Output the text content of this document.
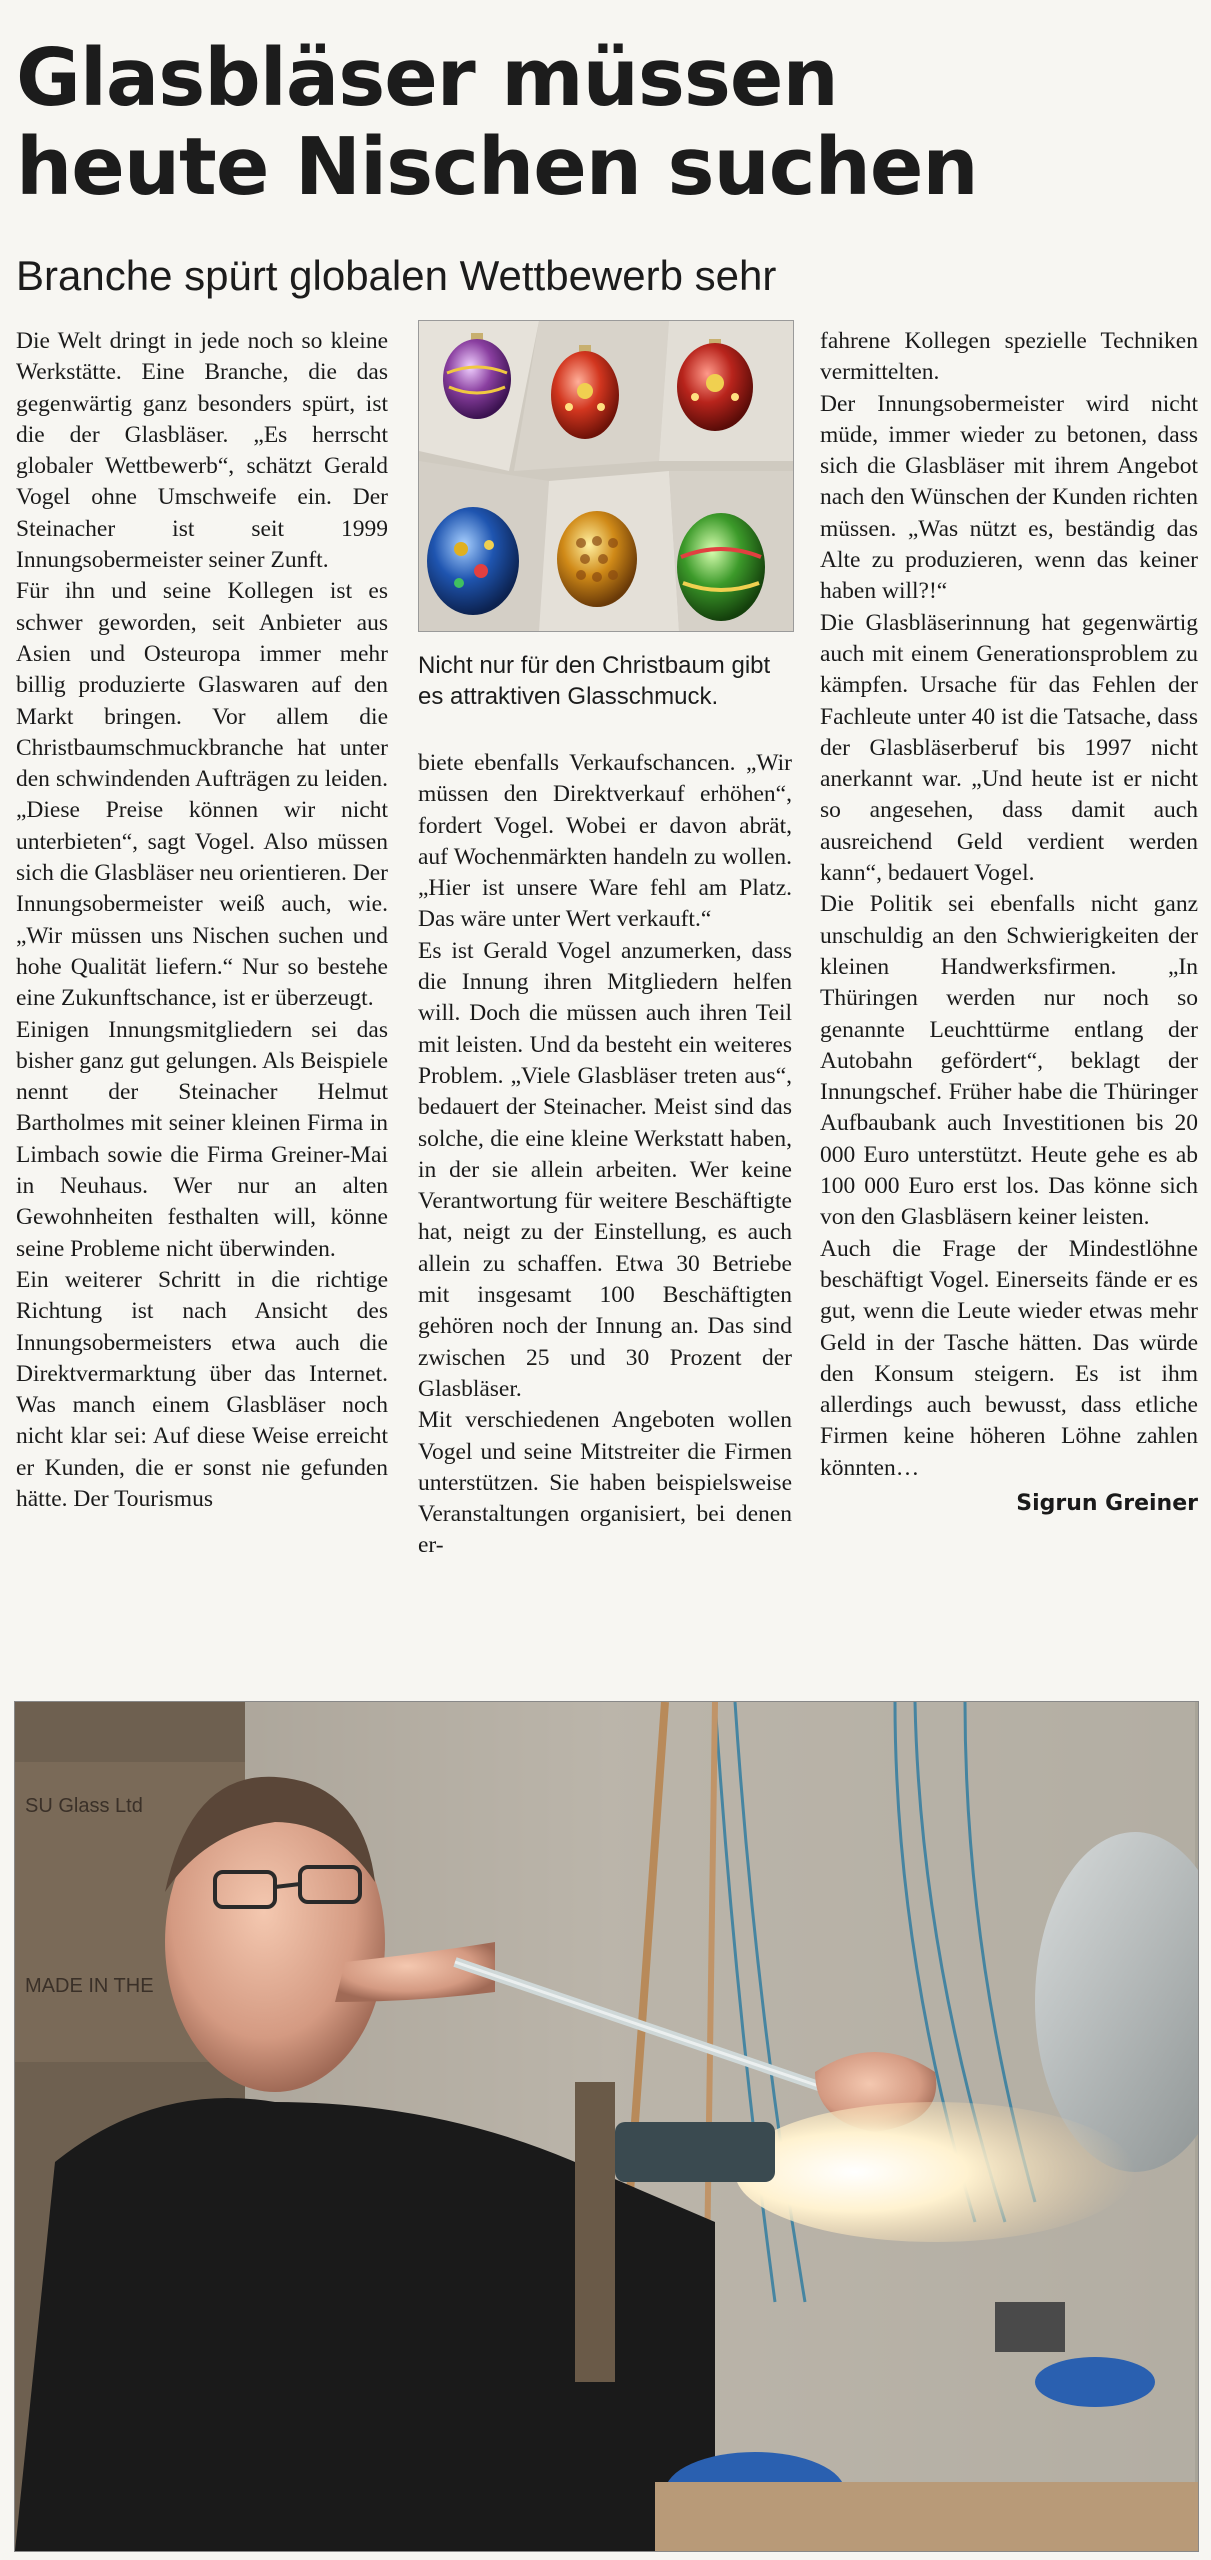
Glasbläser müssen
heute Nischen suchen
Branche spürt globalen Wettbewerb sehr

Die Welt dringt in jede noch so kleine Werkstätte. Eine Branche, die das gegenwärtig ganz besonders spürt, ist die der Glasbläser. „Es herrscht globaler Wettbewerb“, schätzt Gerald Vogel ohne Umschweife ein. Der Steinacher ist seit 1999 Innungsobermeister seiner Zunft.

Für ihn und seine Kollegen ist es schwer geworden, seit Anbieter aus Asien und Osteuropa immer mehr billig produzierte Glaswaren auf den Markt bringen. Vor allem die Christbaumschmuckbranche hat unter den schwindenden Aufträgen zu leiden. „Diese Preise können wir nicht unterbieten“, sagt Vogel. Also müssen sich die Glasbläser neu orientieren. Der Innungsobermeister weiß auch, wie. „Wir müssen uns Nischen suchen und hohe Qualität liefern.“ Nur so bestehe eine Zukunftschance, ist er überzeugt.

Einigen Innungsmitgliedern sei das bisher ganz gut gelungen. Als Beispiele nennt der Steinacher Helmut Bartholmes mit seiner kleinen Firma in Limbach sowie die Firma Greiner-Mai in Neuhaus. Wer nur an alten Gewohnheiten festhalten will, könne seine Probleme nicht überwinden.

Ein weiterer Schritt in die richtige Richtung ist nach Ansicht des Innungsobermeisters etwa auch die Direktvermarktung über das Internet. Was manch einem Glasbläser noch nicht klar sei: Auf diese Weise erreicht er Kunden, die er sonst nie gefunden hätte. Der Tourismus

Nicht nur für den Christbaum gibt es attraktiven Glasschmuck.

biete ebenfalls Verkaufschancen. „Wir müssen den Direktverkauf erhöhen“, fordert Vogel. Wobei er davon abrät, auf Wochenmärkten handeln zu wollen. „Hier ist unsere Ware fehl am Platz. Das wäre unter Wert verkauft.“

Es ist Gerald Vogel anzumerken, dass die Innung ihren Mitgliedern helfen will. Doch die müssen auch ihren Teil mit leisten. Und da besteht ein weiteres Problem. „Viele Glasbläser treten aus“, bedauert der Steinacher. Meist sind das solche, die eine kleine Werkstatt haben, in der sie allein arbeiten. Wer keine Verantwortung für weitere Beschäftigte hat, neigt zu der Einstellung, es auch allein zu schaffen. Etwa 30 Betriebe mit insgesamt 100 Beschäftigten gehören noch der Innung an. Das sind zwischen 25 und 30 Prozent der Glasbläser.

Mit verschiedenen Angeboten wollen Vogel und seine Mitstreiter die Firmen unterstützen. Sie haben beispielsweise Veranstaltungen organisiert, bei denen er-

fahrene Kollegen spezielle Techniken vermittelten.

Der Innungsobermeister wird nicht müde, immer wieder zu betonen, dass sich die Glasbläser mit ihrem Angebot nach den Wünschen der Kunden richten müssen. „Was nützt es, beständig das Alte zu produzieren, wenn das keiner haben will?!“

Die Glasbläserinnung hat gegenwärtig auch mit einem Generationsproblem zu kämpfen. Ursache für das Fehlen der Fachleute unter 40 ist die Tatsache, dass der Glasbläserberuf bis 1997 nicht anerkannt war. „Und heute ist er nicht so angesehen, dass damit auch ausreichend Geld verdient werden kann“, bedauert Vogel.

Die Politik sei ebenfalls nicht ganz unschuldig an den Schwierigkeiten der kleinen Handwerksfirmen. „In Thüringen werden nur noch so genannte Leuchttürme entlang der Autobahn gefördert“, beklagt der Innungschef. Früher habe die Thüringer Aufbaubank auch Investitionen bis 20 000 Euro unterstützt. Heute gehe es ab 100 000 Euro erst los. Das könne sich von den Glasbläsern keiner leisten.

Auch die Frage der Mindestlöhne beschäftigt Vogel. Einerseits fände er es gut, wenn die Leute wieder etwas mehr Geld in der Tasche hätten. Das würde den Konsum steigern. Es ist ihm allerdings auch bewusst, dass etliche Firmen keine höheren Löhne zahlen könnten…

Sigrun Greiner
SU Glass Ltd
MADE IN THE
